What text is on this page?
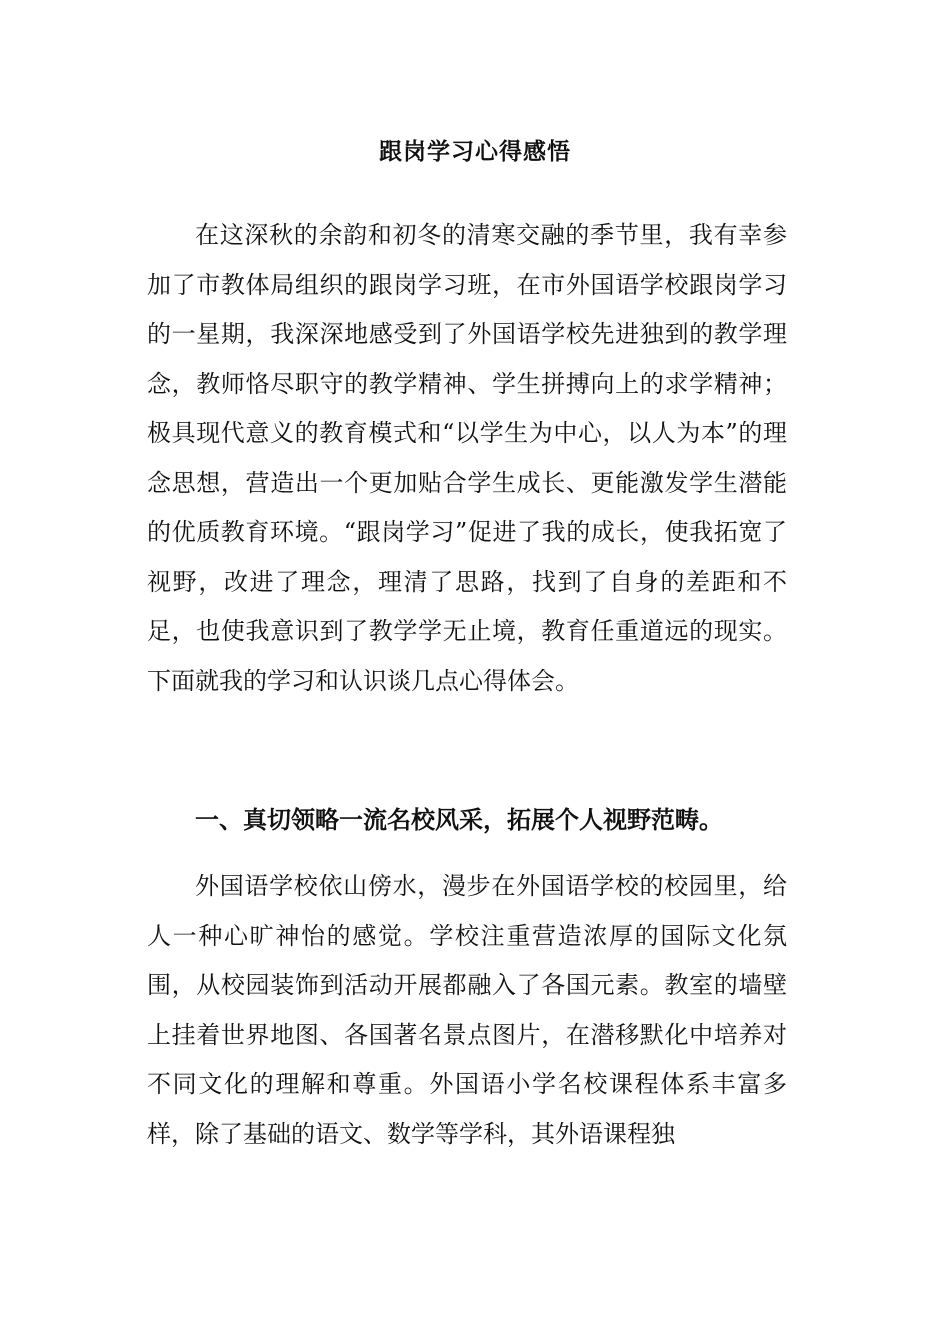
跟岗学习心得感悟

在这深秋的余韵和初冬的清寒交融的季节里，我有幸参加了市教体局组织的跟岗学习班，在市外国语学校跟岗学习的一星期，我深深地感受到了外国语学校先进独到的教学理念，教师恪尽职守的教学精神、学生拼搏向上的求学精神；极具现代意义的教育模式和“以学生为中心，以人为本”的理念思想，营造出一个更加贴合学生成长、更能激发学生潜能的优质教育环境。“跟岗学习”促进了我的成长，使我拓宽了视野，改进了理念，理清了思路，找到了自身的差距和不足，也使我意识到了教学学无止境，教育任重道远的现实。下面就我的学习和认识谈几点心得体会。

一、真切领略一流名校风采，拓展个人视野范畴。

外国语学校依山傍水，漫步在外国语学校的校园里，给人一种心旷神怡的感觉。学校注重营造浓厚的国际文化氛围，从校园装饰到活动开展都融入了各国元素。教室的墙壁上挂着世界地图、各国著名景点图片，在潜移默化中培养对不同文化的理解和尊重。外国语小学名校课程体系丰富多样，除了基础的语文、数学等学科，其外语课程独
